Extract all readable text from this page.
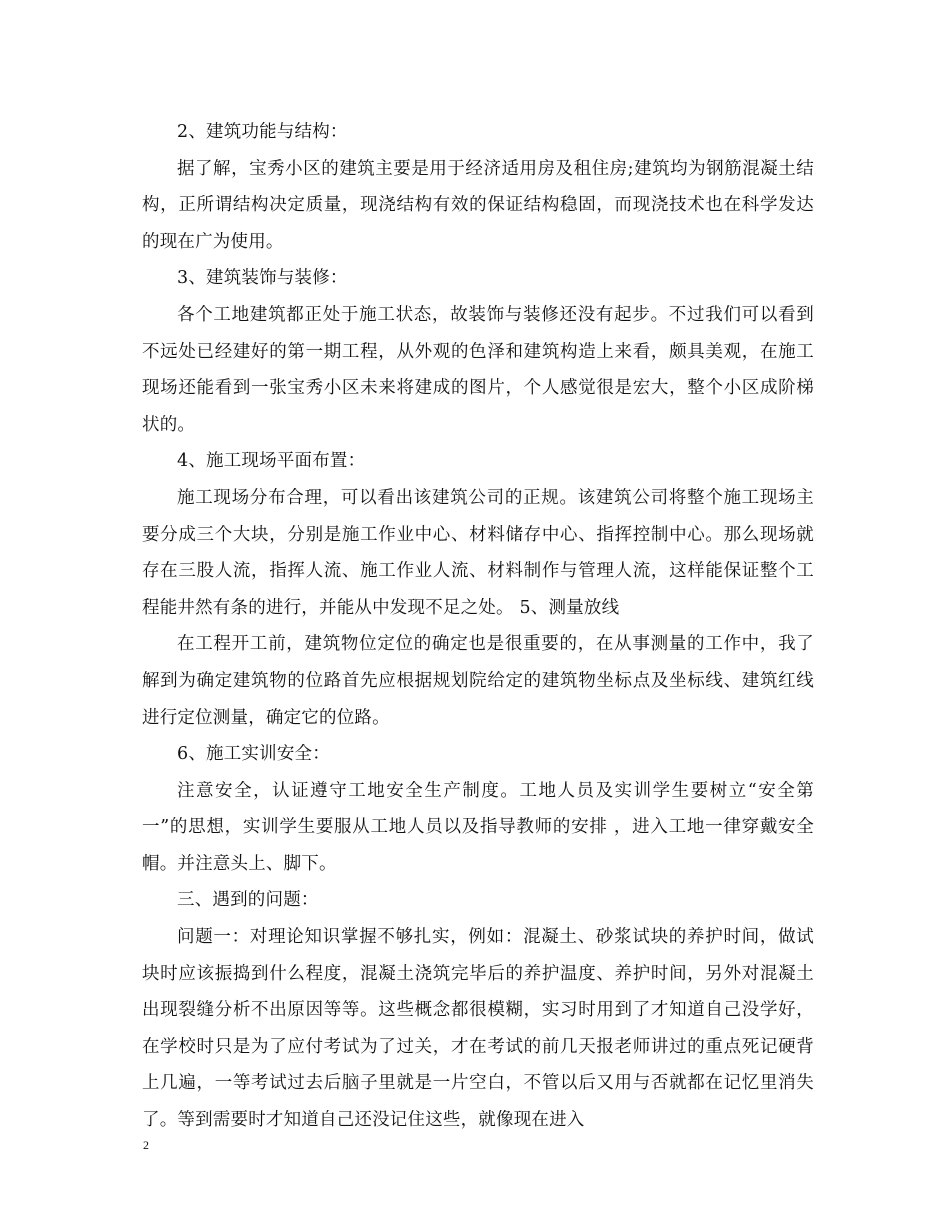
2、建筑功能与结构：

据了解，宝秀小区的建筑主要是用于经济适用房及租住房;建筑均为钢筋混凝土结构，正所谓结构决定质量，现浇结构有效的保证结构稳固，而现浇技术也在科学发达的现在广为使用。

3、建筑装饰与装修：

各个工地建筑都正处于施工状态，故装饰与装修还没有起步。不过我们可以看到不远处已经建好的第一期工程，从外观的色泽和建筑构造上来看，颇具美观，在施工现场还能看到一张宝秀小区未来将建成的图片，个人感觉很是宏大，整个小区成阶梯状的。

4、施工现场平面布置：

施工现场分布合理，可以看出该建筑公司的正规。该建筑公司将整个施工现场主要分成三个大块，分别是施工作业中心、材料储存中心、指挥控制中心。那么现场就存在三股人流，指挥人流、施工作业人流、材料制作与管理人流，这样能保证整个工程能井然有条的进行，并能从中发现不足之处。 5、测量放线

在工程开工前，建筑物位定位的确定也是很重要的，在从事测量的工作中，我了解到为确定建筑物的位路首先应根据规划院给定的建筑物坐标点及坐标线、建筑红线进行定位测量，确定它的位路。

6、施工实训安全：

注意安全，认证遵守工地安全生产制度。工地人员及实训学生要树立“安全第一”的思想，实训学生要服从工地人员以及指导教师的安排 ，进入工地一律穿戴安全帽。并注意头上、脚下。

三、遇到的问题：

问题一：对理论知识掌握不够扎实，例如：混凝土、砂浆试块的养护时间，做试块时应该振捣到什么程度，混凝土浇筑完毕后的养护温度、养护时间，另外对混凝土出现裂缝分析不出原因等等。这些概念都很模糊，实习时用到了才知道自己没学好，在学校时只是为了应付考试为了过关，才在考试的前几天报老师讲过的重点死记硬背上几遍，一等考试过去后脑子里就是一片空白，不管以后又用与否就都在记忆里消失了。等到需要时才知道自己还没记住这些，就像现在进入

2
